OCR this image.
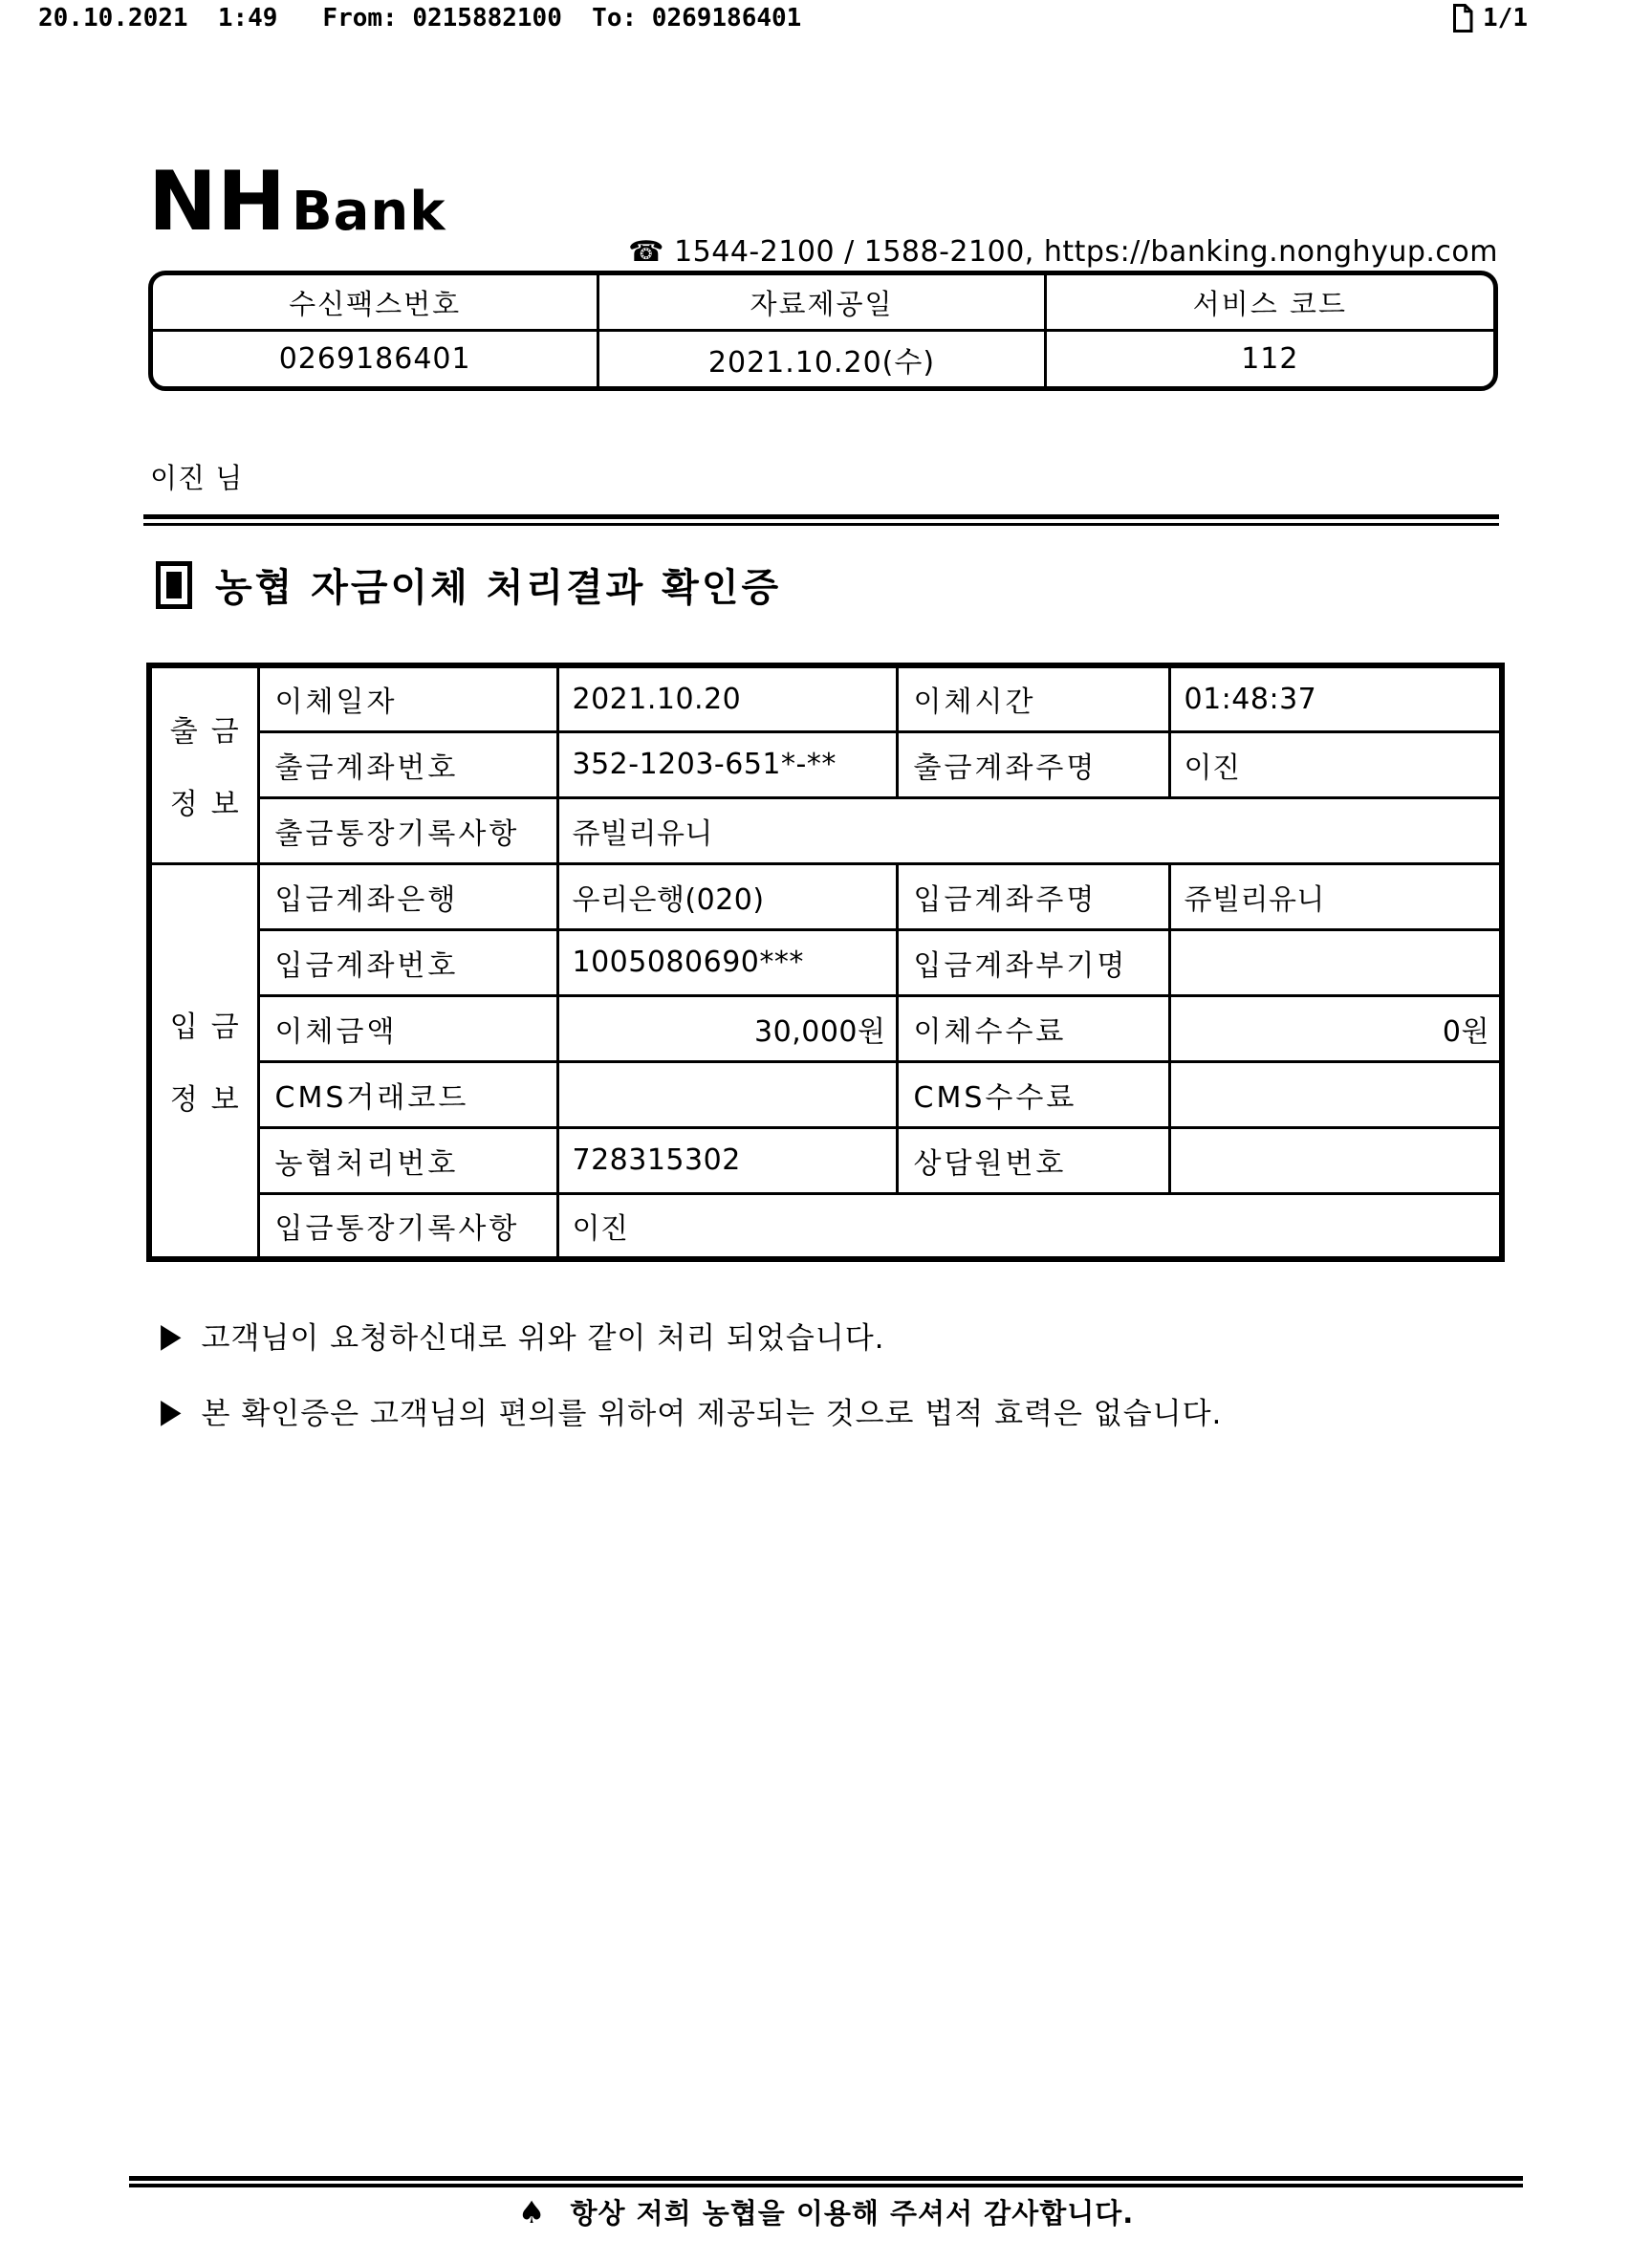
20.10.2021  1:49   From: 0215882100  To: 0269186401	1/1
NH Bank
☎ 1544-2100 / 1588-2100, https://banking.nonghyup.com
수신팩스번호	자료제공일	서비스 코드
0269186401	2021.10.20(수)	112
이진 님
농협 자금이체 처리결과 확인증
출금
정보	이체일자	2021.10.20	이체시간	01:48:37
	출금계좌번호	352-1203-651*-**	출금계좌주명	이진
	출금통장기록사항	쥬빌리유니		

입금
정보	입금계좌은행	우리은행(020)	입금계좌주명	쥬빌리유니
	입금계좌번호	1005080690***	입금계좌부기명	
	이체금액	30,000원	이체수수료	0원
	CMS거래코드		CMS수수료	
	농협처리번호	728315302	상담원번호	
	입금통장기록사항	이진		
▶ 고객님이 요청하신대로 위와 같이 처리 되었습니다.
▶ 본 확인증은 고객님의 편의를 위하여 제공되는 것으로 법적 효력은 없습니다.
♠ 항상 저희 농협을 이용해 주셔서 감사합니다.
